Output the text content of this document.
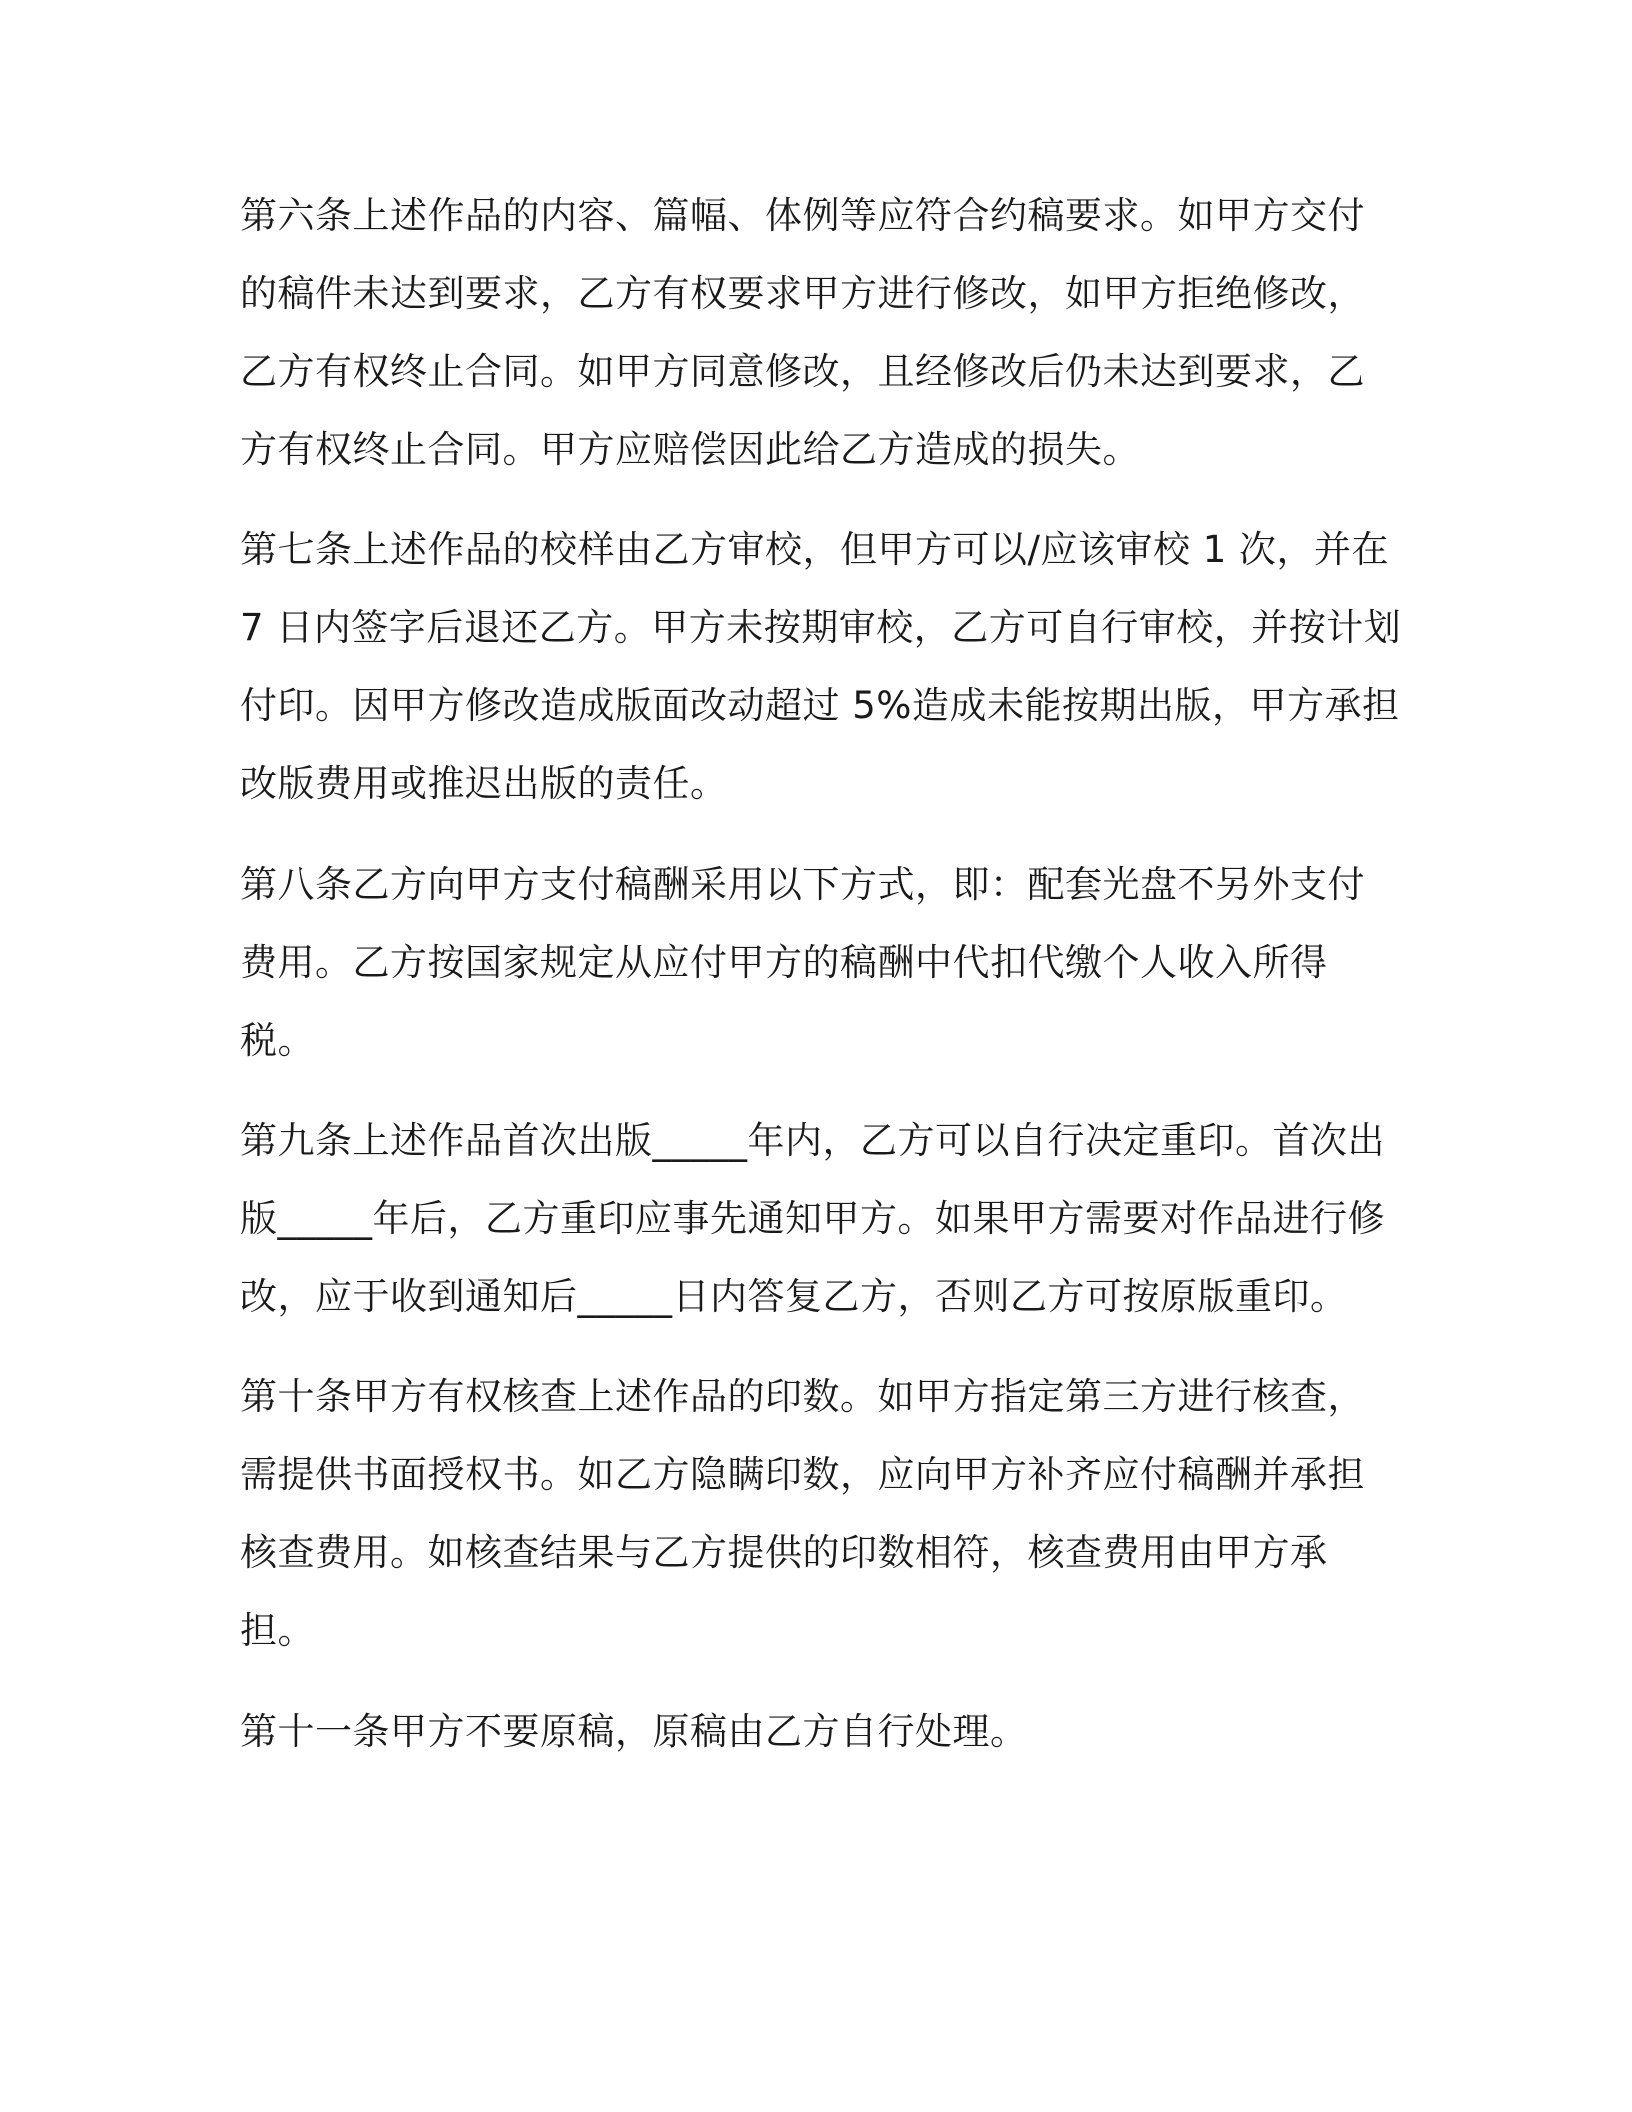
第六条上述作品的内容、篇幅、体例等应符合约稿要求。如甲方交付

的稿件未达到要求，乙方有权要求甲方进行修改，如甲方拒绝修改，

乙方有权终止合同。如甲方同意修改，且经修改后仍未达到要求，乙

方有权终止合同。甲方应赔偿因此给乙方造成的损失。

第七条上述作品的校样由乙方审校，但甲方可以/应该审校 1 次，并在

7 日内签字后退还乙方。甲方未按期审校，乙方可自行审校，并按计划

付印。因甲方修改造成版面改动超过 5%造成未能按期出版，甲方承担

改版费用或推迟出版的责任。

第八条乙方向甲方支付稿酬采用以下方式，即：配套光盘不另外支付

费用。乙方按国家规定从应付甲方的稿酬中代扣代缴个人收入所得

税。

第九条上述作品首次出版_____年内，乙方可以自行决定重印。首次出

版_____年后，乙方重印应事先通知甲方。如果甲方需要对作品进行修

改，应于收到通知后_____日内答复乙方，否则乙方可按原版重印。

第十条甲方有权核查上述作品的印数。如甲方指定第三方进行核查，

需提供书面授权书。如乙方隐瞒印数，应向甲方补齐应付稿酬并承担

核查费用。如核查结果与乙方提供的印数相符，核查费用由甲方承

担。

第十一条甲方不要原稿，原稿由乙方自行处理。
